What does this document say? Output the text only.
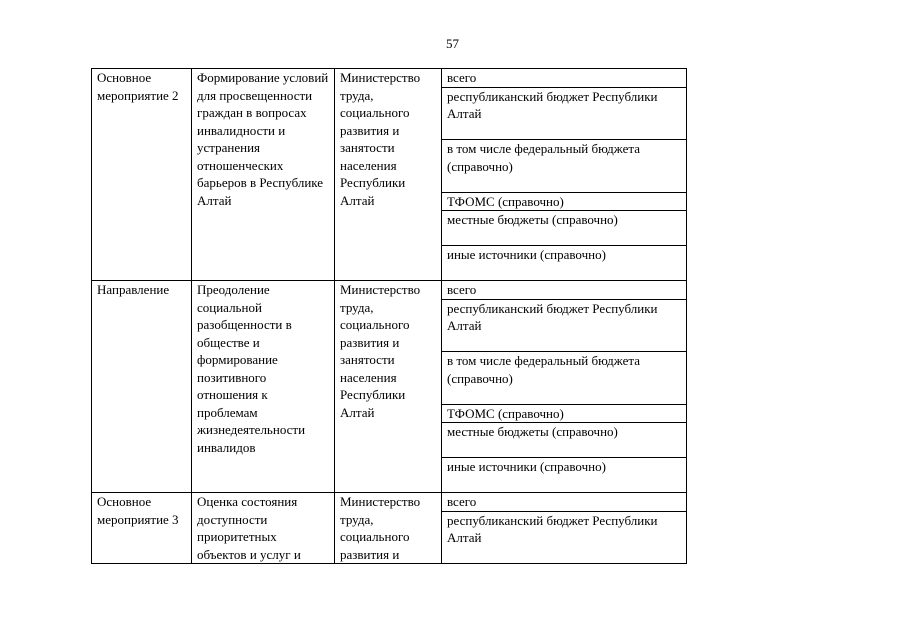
57
Основное мероприятие 2	Формирование условий для просвещенности граждан в вопросах инвалидности и устранения отношенческих барьеров в Республике Алтай	Министерство труда, социального развития и занятости населения Республики Алтай	всего			
			республиканский бюджет Республики Алтай			
			в том числе федеральный бюджета (справочно)			
			ТФОМС (справочно)			
			местные бюджеты (справочно)			
			иные источники (справочно)			
Направление	Преодоление социальной разобщенности в обществе и формирование позитивного отношения к проблемам жизнедеятельности инвалидов	Министерство труда, социального развития и занятости населения Республики Алтай	всего			
			республиканский бюджет Республики Алтай			
			в том числе федеральный бюджета (справочно)			
			ТФОМС (справочно)			
			местные бюджеты (справочно)			
			иные источники (справочно)			
Основное мероприятие 3	Оценка состояния доступности приоритетных объектов и услуг и	Министерство труда, социального развития и	всего			
			республиканский бюджет Республики Алтай			
